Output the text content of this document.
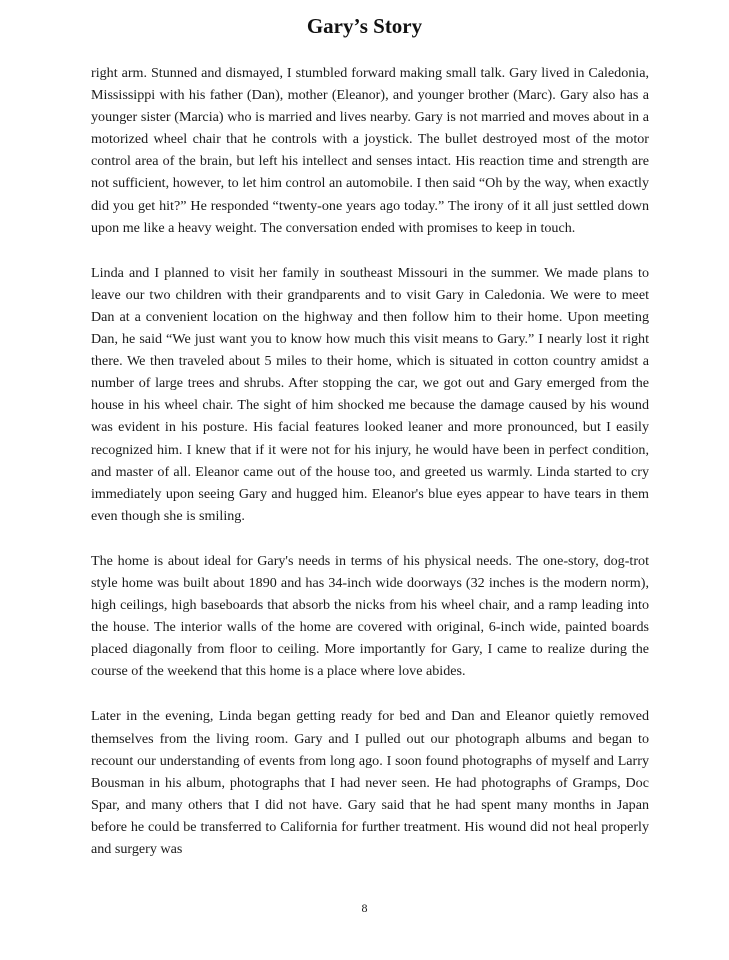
Gary’s Story

right arm. Stunned and dismayed, I stumbled forward making small talk. Gary lived in Caledonia, Mississippi with his father (Dan), mother (Eleanor), and younger brother (Marc). Gary also has a younger sister (Marcia) who is married and lives nearby. Gary is not married and moves about in a motorized wheel chair that he controls with a joystick. The bullet destroyed most of the motor control area of the brain, but left his intellect and senses intact. His reaction time and strength are not sufficient, however, to let him control an automobile. I then said “Oh by the way, when exactly did you get hit?” He responded “twenty-one years ago today.” The irony of it all just settled down upon me like a heavy weight. The conversation ended with promises to keep in touch.

Linda and I planned to visit her family in southeast Missouri in the summer. We made plans to leave our two children with their grandparents and to visit Gary in Caledonia. We were to meet Dan at a convenient location on the highway and then follow him to their home. Upon meeting Dan, he said “We just want you to know how much this visit means to Gary.” I nearly lost it right there. We then traveled about 5 miles to their home, which is situated in cotton country amidst a number of large trees and shrubs. After stopping the car, we got out and Gary emerged from the house in his wheel chair. The sight of him shocked me because the damage caused by his wound was evident in his posture. His facial features looked leaner and more pronounced, but I easily recognized him. I knew that if it were not for his injury, he would have been in perfect condition, and master of all. Eleanor came out of the house too, and greeted us warmly. Linda started to cry immediately upon seeing Gary and hugged him. Eleanor's blue eyes appear to have tears in them even though she is smiling.

The home is about ideal for Gary's needs in terms of his physical needs. The one-story, dog-trot style home was built about 1890 and has 34-inch wide doorways (32 inches is the modern norm), high ceilings, high baseboards that absorb the nicks from his wheel chair, and a ramp leading into the house. The interior walls of the home are covered with original, 6-inch wide, painted boards placed diagonally from floor to ceiling. More importantly for Gary, I came to realize during the course of the weekend that this home is a place where love abides.

Later in the evening, Linda began getting ready for bed and Dan and Eleanor quietly removed themselves from the living room. Gary and I pulled out our photograph albums and began to recount our understanding of events from long ago. I soon found photographs of myself and Larry Bousman in his album, photographs that I had never seen. He had photographs of Gramps, Doc Spar, and many others that I did not have. Gary said that he had spent many months in Japan before he could be transferred to California for further treatment. His wound did not heal properly and surgery was

8
